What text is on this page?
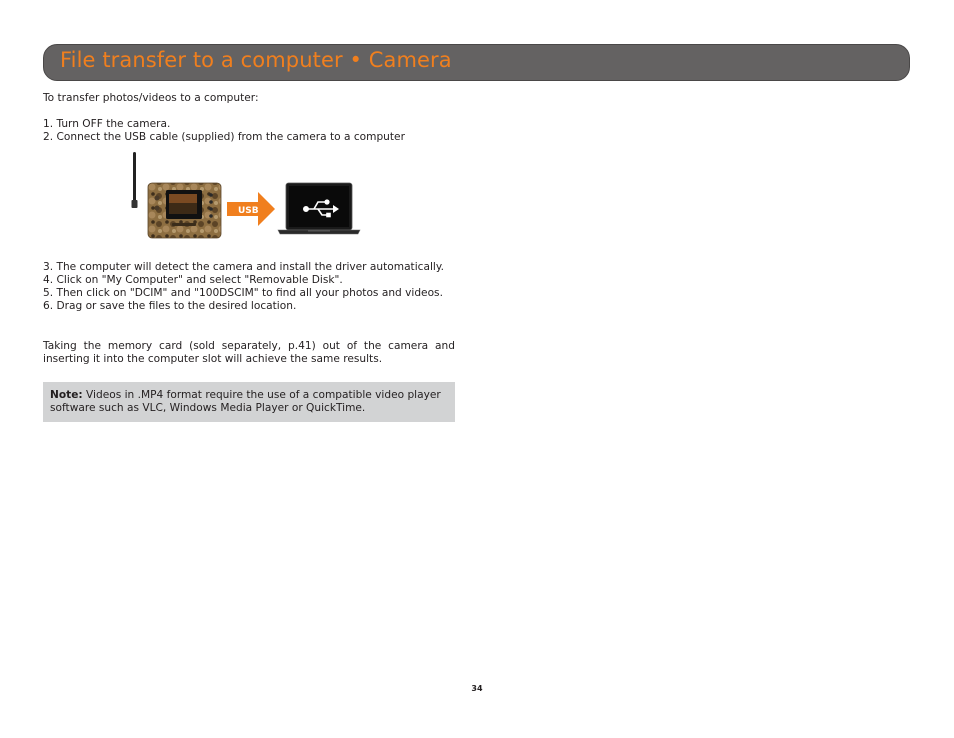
File transfer to a computer • Camera
To transfer photos/videos to a computer:
1. Turn OFF the camera.
2. Connect the USB cable (supplied) from the camera to a computer
USB
3. The computer will detect the camera and install the driver automatically.
4. Click on "My Computer" and select "Removable Disk".
5. Then click on "DCIM" and "100DSCIM" to find all your photos and videos.
6. Drag or save the files to the desired location.
Taking the memory card (sold separately, p.41) out of the camera and inserting it into the computer slot will achieve the same results.
Note: Videos in .MP4 format require the use of a compatible video player software such as VLC, Windows Media Player or QuickTime.
34
